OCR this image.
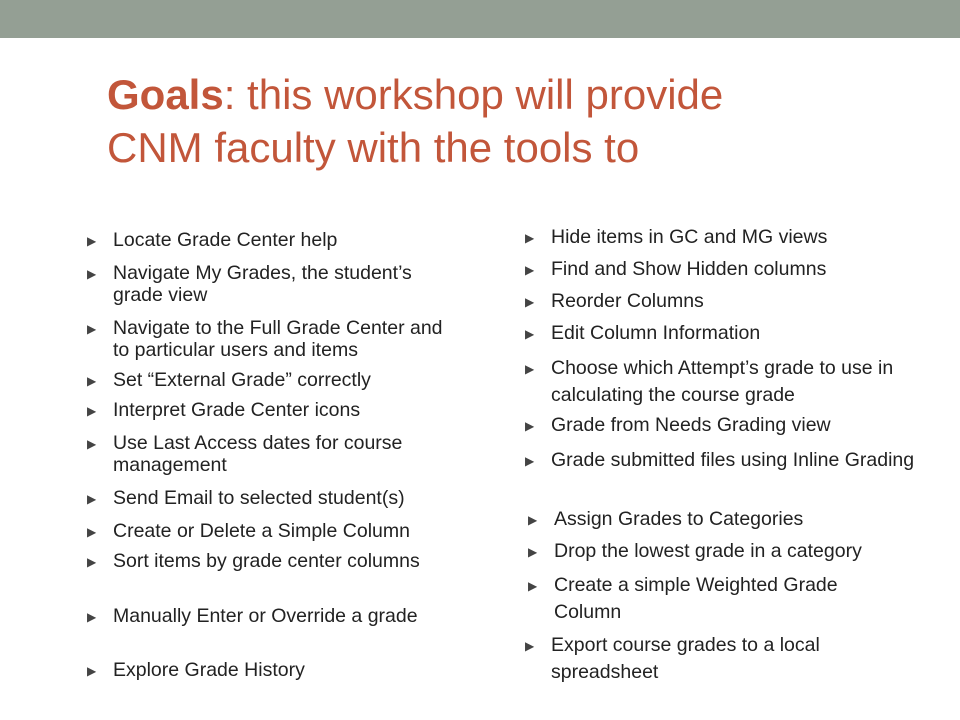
Goals: this workshop will provide
CNM faculty with the tools to
▶ Locate Grade Center help
▶ Navigate My Grades, the student’s grade view
▶ Navigate to the Full Grade Center and to particular users and items
▶ Set “External Grade” correctly
▶ Interpret Grade Center icons
▶ Use Last Access dates for course management
▶ Send Email to selected student(s)
▶ Create or Delete a Simple Column
▶ Sort items by grade center columns
▶ Manually Enter or Override a grade
▶ Explore Grade History
▶ Hide items in GC and MG views
▶ Find and Show Hidden columns
▶ Reorder Columns
▶ Edit Column Information
▶ Choose which Attempt’s grade to use in calculating the course grade
▶ Grade from Needs Grading view
▶ Grade submitted files using Inline Grading
▶ Assign Grades to Categories
▶ Drop the lowest grade in a category
▶ Create a simple Weighted Grade Column
▶ Export course grades to a local spreadsheet
